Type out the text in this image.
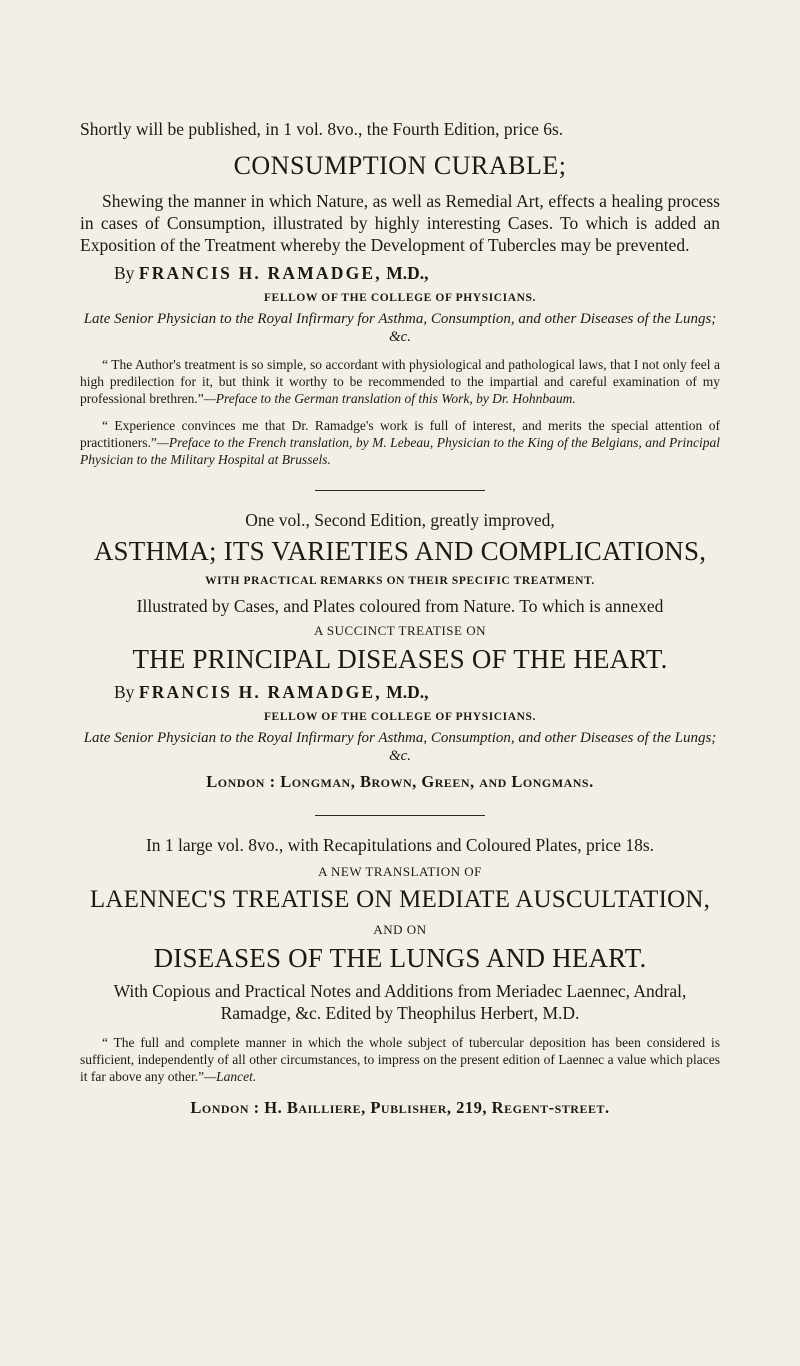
Shortly will be published, in 1 vol. 8vo., the Fourth Edition, price 6s.

CONSUMPTION CURABLE;

Shewing the manner in which Nature, as well as Remedial Art, effects a healing process in cases of Consumption, illustrated by highly interesting Cases. To which is added an Exposition of the Treatment whereby the Development of Tubercles may be prevented.

By FRANCIS H. RAMADGE, M.D.,

FELLOW OF THE COLLEGE OF PHYSICIANS.

Late Senior Physician to the Royal Infirmary for Asthma, Consumption, and other Diseases of the Lungs; &c.

“ The Author's treatment is so simple, so accordant with physiological and pathological laws, that I not only feel a high predilection for it, but think it worthy to be recommended to the impartial and careful examination of my professional brethren.”—Preface to the German translation of this Work, by Dr. Hohnbaum.

“ Experience convinces me that Dr. Ramadge's work is full of interest, and merits the special attention of practitioners.”—Preface to the French translation, by M. Lebeau, Physician to the King of the Belgians, and Principal Physician to the Military Hospital at Brussels.

One vol., Second Edition, greatly improved,

ASTHMA; ITS VARIETIES AND COMPLICATIONS,

WITH PRACTICAL REMARKS ON THEIR SPECIFIC TREATMENT.

Illustrated by Cases, and Plates coloured from Nature. To which is annexed

A SUCCINCT TREATISE ON

THE PRINCIPAL DISEASES OF THE HEART.

By FRANCIS H. RAMADGE, M.D.,

FELLOW OF THE COLLEGE OF PHYSICIANS.

Late Senior Physician to the Royal Infirmary for Asthma, Consumption, and other Diseases of the Lungs; &c.

London : Longman, Brown, Green, and Longmans.

In 1 large vol. 8vo., with Recapitulations and Coloured Plates, price 18s.

A NEW TRANSLATION OF

LAENNEC'S TREATISE ON MEDIATE AUSCULTATION,

AND ON

DISEASES OF THE LUNGS AND HEART.

With Copious and Practical Notes and Additions from Meriadec Laennec, Andral, Ramadge, &c. Edited by Theophilus Herbert, M.D.

“ The full and complete manner in which the whole subject of tubercular deposition has been considered is sufficient, independently of all other circumstances, to impress on the present edition of Laennec a value which places it far above any other.”—Lancet.

London : H. Bailliere, Publisher, 219, Regent-street.
